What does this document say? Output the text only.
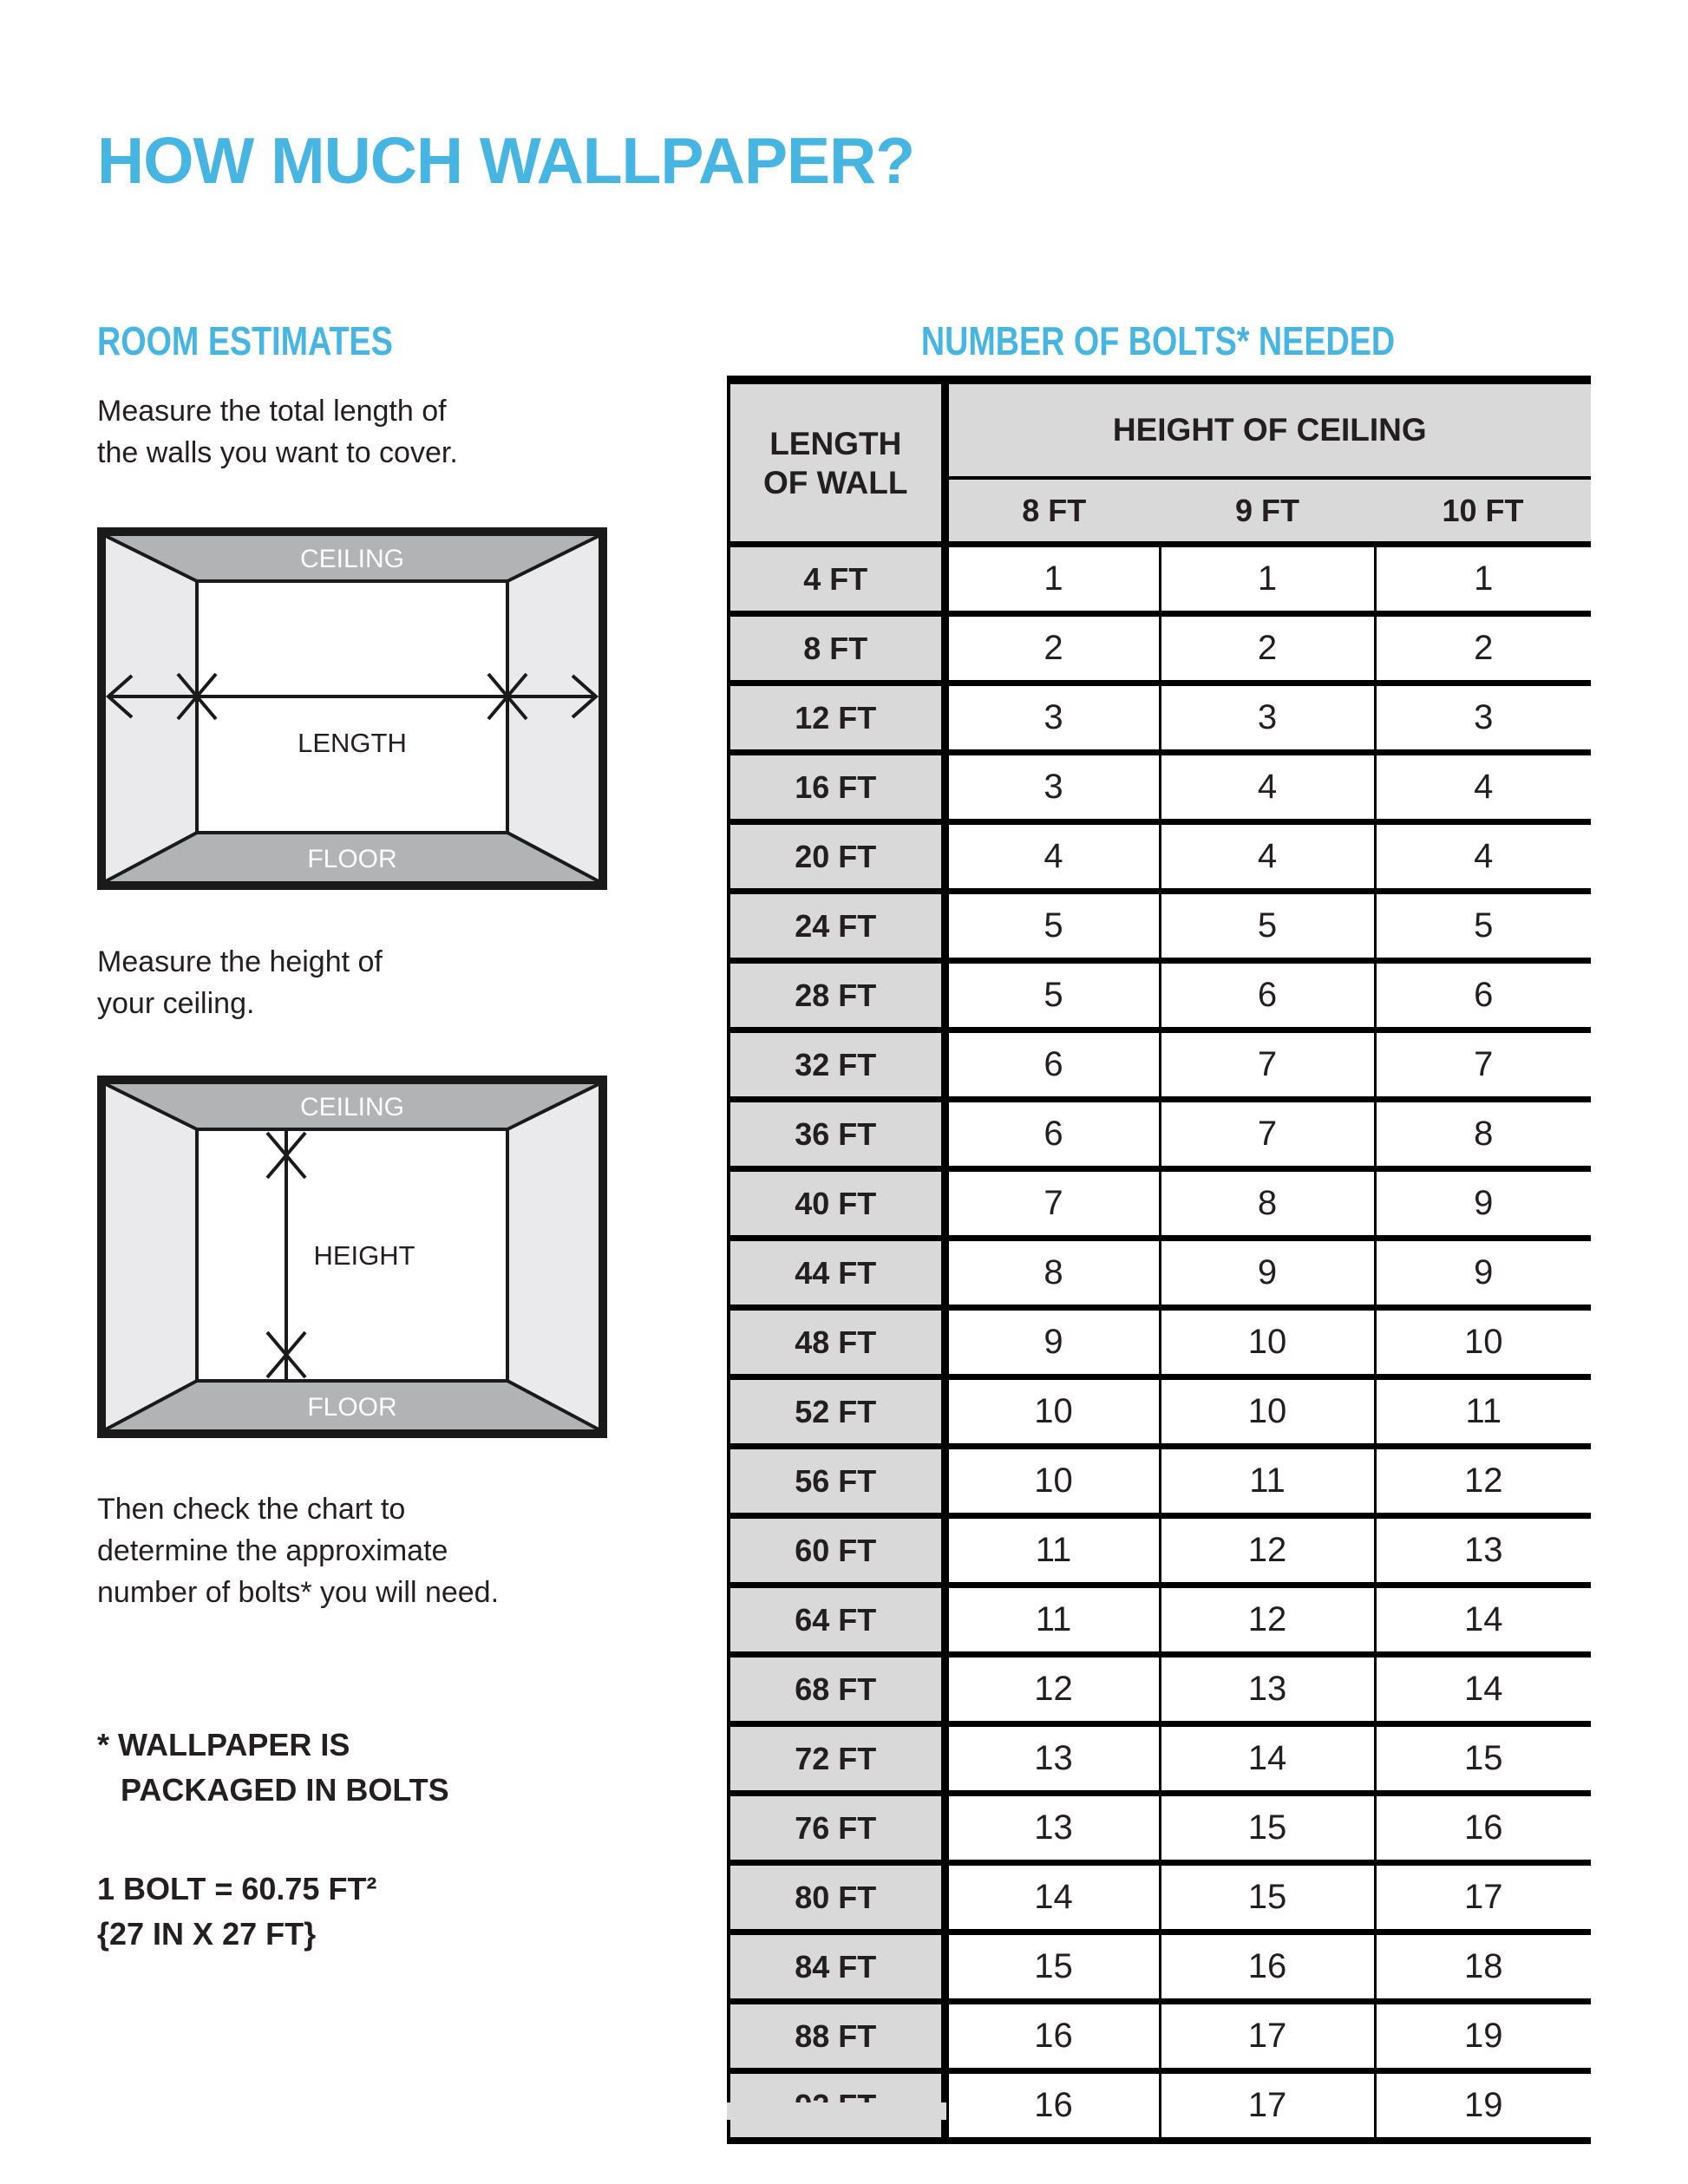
HOW MUCH WALLPAPER?
ROOM ESTIMATES
Measure the total length of
the walls you want to cover.
CEILING
FLOOR
LENGTH
Measure the height of
your ceiling.
CEILING
FLOOR
HEIGHT
Then check the chart to
determine the approximate
number of bolts* you will need.
* WALLPAPER IS
PACKAGED IN BOLTS
1 BOLT = 60.75 FT²
{27 IN X 27 FT}
NUMBER OF BOLTS* NEEDED
LENGTH
OF WALL	HEIGHT OF CEILING		
	8 FT	9 FT	10 FT
4 FT	1	1	1
8 FT	2	2	2
12 FT	3	3	3
16 FT	3	4	4
20 FT	4	4	4
24 FT	5	5	5
28 FT	5	6	6
32 FT	6	7	7
36 FT	6	7	8
40 FT	7	8	9
44 FT	8	9	9
48 FT	9	10	10
52 FT	10	10	11
56 FT	10	11	12
60 FT	11	12	13
64 FT	11	12	14
68 FT	12	13	14
72 FT	13	14	15
76 FT	13	15	16
80 FT	14	15	17
84 FT	15	16	18
88 FT	16	17	19
	16	17	19
